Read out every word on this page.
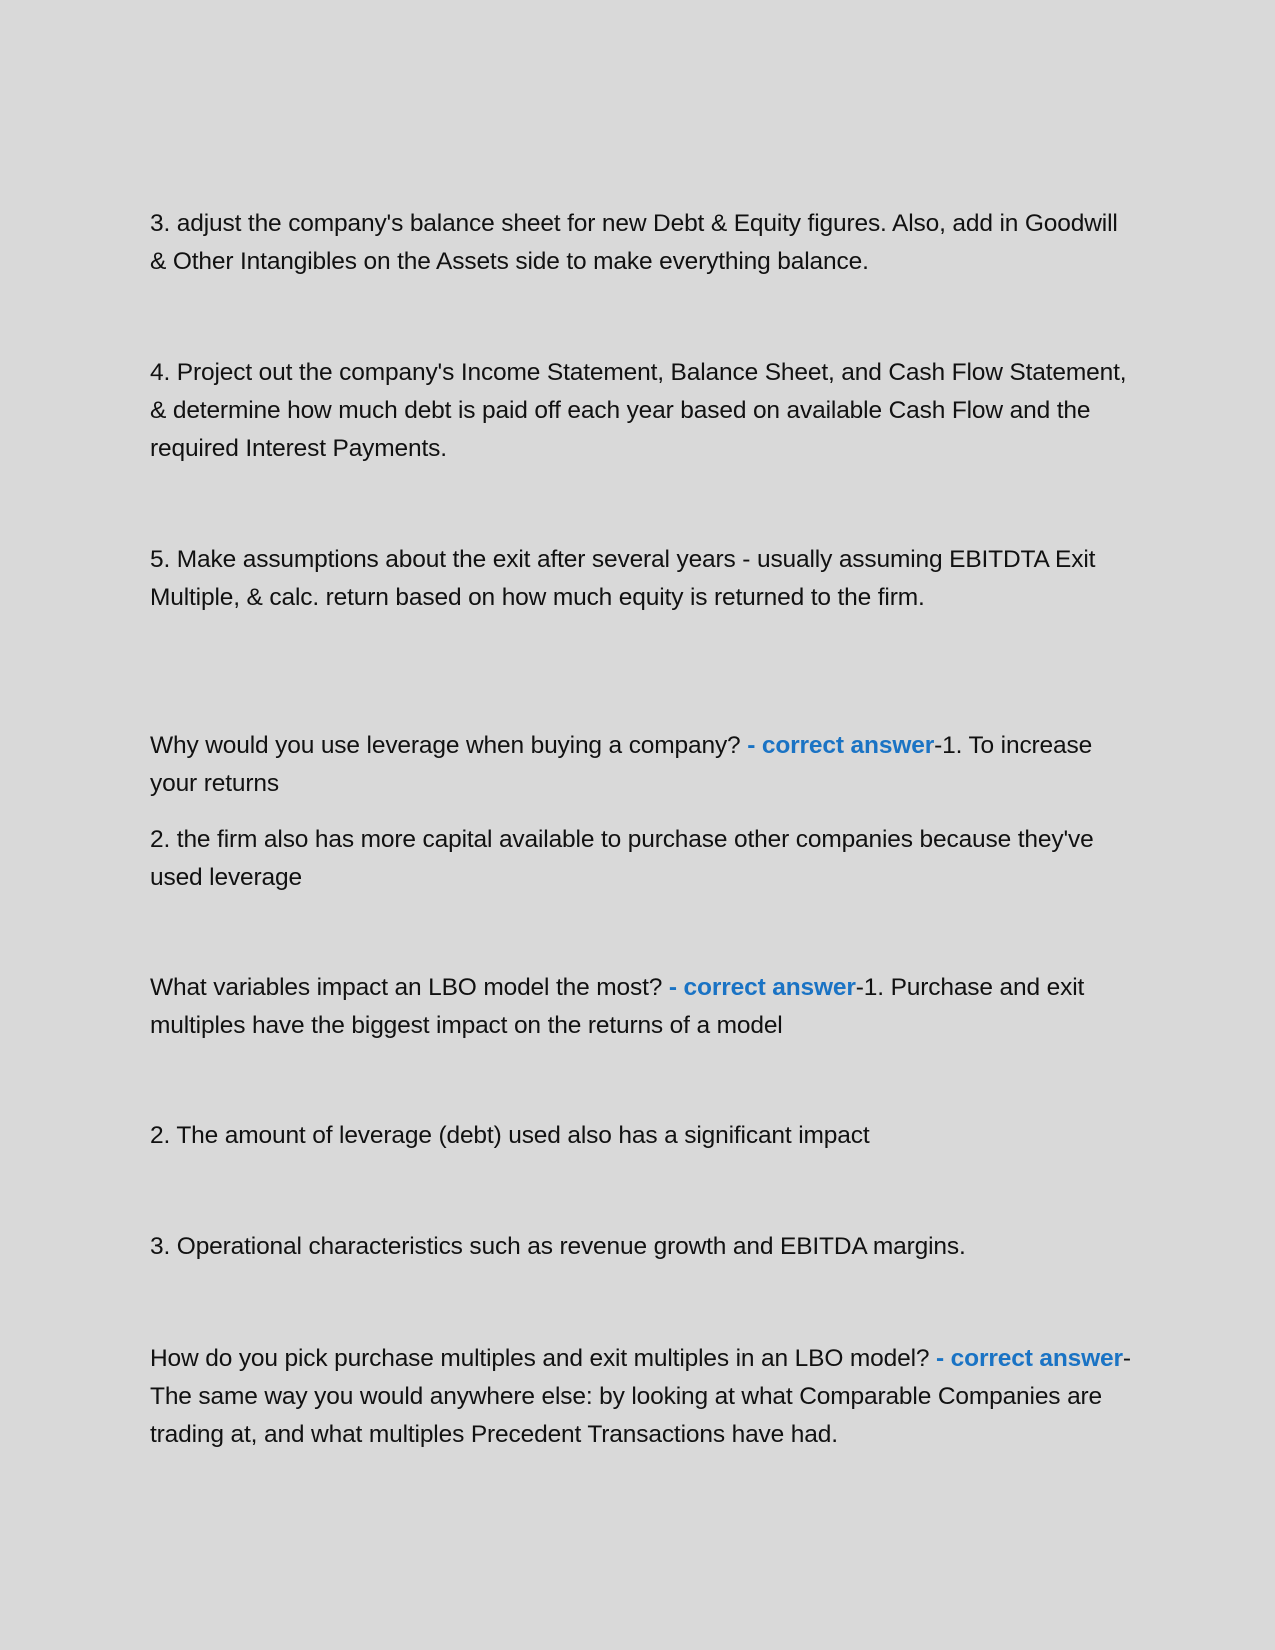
3. adjust the company's balance sheet for new Debt & Equity figures. Also, add in Goodwill & Other Intangibles on the Assets side to make everything balance.

4. Project out the company's Income Statement, Balance Sheet, and Cash Flow Statement, & determine how much debt is paid off each year based on available Cash Flow and the required Interest Payments.

5. Make assumptions about the exit after several years - usually assuming EBITDTA Exit Multiple, & calc. return based on how much equity is returned to the firm.

Why would you use leverage when buying a company? - correct answer-1. To increase your returns

2. the firm also has more capital available to purchase other companies because they've used leverage

What variables impact an LBO model the most? - correct answer-1. Purchase and exit multiples have the biggest impact on the returns of a model

2. The amount of leverage (debt) used also has a significant impact

3. Operational characteristics such as revenue growth and EBITDA margins.

How do you pick purchase multiples and exit multiples in an LBO model? - correct answer-The same way you would anywhere else: by looking at what Comparable Companies are trading at, and what multiples Precedent Transactions have had.
